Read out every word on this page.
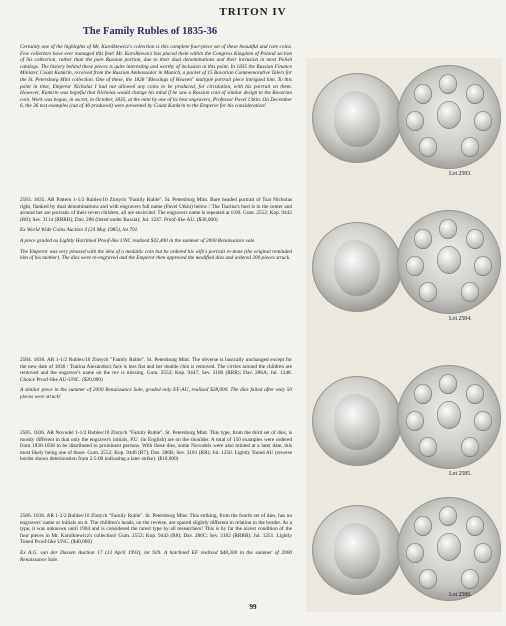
TRITON IV
The Family Rubles of 1835-36

Certainly one of the highlights of Mr. Karolkiewicz's collection is this complete four-piece set of these beautiful and rare coins. Few collectors have ever managed this feat! Mr. Karolkiewicz has placed them within the Congress Kingdom of Poland section of his collection, rather than the pure Russian portion, due to their dual denominations and their inclusion in most Polish catalogs. The history behind these pieces is quite interesting and worthy of inclusion at this point. In 1835 the Russian Finance Minister, Count Kankrin, received from the Russian Ambassador in Munich, a packet of 15 Bavarian Commemorative Talers for the St. Petersburg Mint collection. One of these, the 1828 "Blessings of Heaven" multiple portrait piece intrigued him. To this point in time, Emperor Nicholas I had not allowed any coins to be produced, for circulation, with his portrait on them. However, Kankrin was hopeful that Nicholas would change his mind if he saw a Russian coin of similar design to the Bavarian coin. Work was begun, in secret, in October, 1835, at the mint by one of its best engravers, Professor Pavel Utkin. On December 6, the 36 test examples (out of 46 produced) were presented by Count Kankrin to the Emperor for his consideration!

2583. 1835. AR Pattern 1-1/2 Rubles/10 Zlotych "Family Ruble". St. Petersburg Mint. Bare headed portrait of Tsar Nicholas right, flanked by dual denominations and with engravers full name (Pavel Utkin) below / The Tsarina's bust is in the center and around her are portraits of their seven children, all are encircled. The engravers name is repeated at 6:00. Gum. 2552; Kop. 9442 (R8); Sev. 3114 (RRRR); Dav. 286 (listed under Russia); Jul. 1247. Proof-like AU. ($30,000)

Ex World Wide Coins Auction 4 (24 May 1985), lot 701.

A piece graded as Lightly Hairlined Proof-like UNC realized $42,400 in the summer of 2000 Renaissance sale.

The Emperor was very pleased with the idea of a medallic coin but he ordered his wife's portrait re-done (the original reminded him of his mother). The dies were re-engraved and the Emperor then approved the modified dies and ordered 300 pieces struck.

2584. 1836. AR 1-1/2 Rubles/10 Zlotych "Family Ruble". St. Petersburg Mint. The obverse is basically unchanged except for the new date of 1836 / Tsarina Alexandra's face is less flat and her double chin is removed. The circles around the children are removed and the engraver's name on the rev is missing. Gum. 2552; Kop. 9447; Sev. 3180 (RRR); Dav. 286A; Jul. 1248. Choice Proof-like AU-UNC. ($20,000)

A similar piece in the summer of 2000 Renaissance Sale, graded only EF-AU, realized $28,000. The dies failed after only 50 pieces were struck!

2585. 1836. AR Novodel 1-1/2 Rubles/10 Zlotych "Family Ruble". St. Petersburg Mint. This type, from the third set of dies, is mostly different in that only the engraver's initials, P.U. (in English) are on the shoulder. A total of 150 examples were ordered from 1836-1838 to be distributed to prominent persons. With these dies, some Novodels were also minted at a later date, this most likely being one of those. Gum. 2552; Kop. 9446 (R7); Dav. 286B; Sev. 3181 (RR); Jul. 1250. Lightly Toned AU (reverse border shows deterioration from 2:5:00 indicating a later strike). ($10,000)

2586. 1836. AR 1-1/2 Rubles/10 Zlotych "Family Ruble". St. Petersburg Mint. This striking, from the fourth set of dies, has no engravers' name or initials on it. The children's heads, on the reverse, are spaced slightly different in relation to the border. As a type, it was unknown until 1904 and is considered the rarest type by all researchers! This is by far the nicest condition of the four pieces in Mr. Karolkiewicz's collection! Gum. 2552; Kop. 9443 (R8); Dav. 286C; Sev. 3182 (RRRR); Jul. 1251. Lightly Toned Proof-like UNC. ($40,000)

Ex A.G. van der Dussen Auction 17 (13 April 1993), lot 929. A hairlined EF realized $48,300 in the summer of 2000 Renaissance Sale.

Lot 2583.
Lot 2584.
Lot 2585.
Lot 2586.
99
